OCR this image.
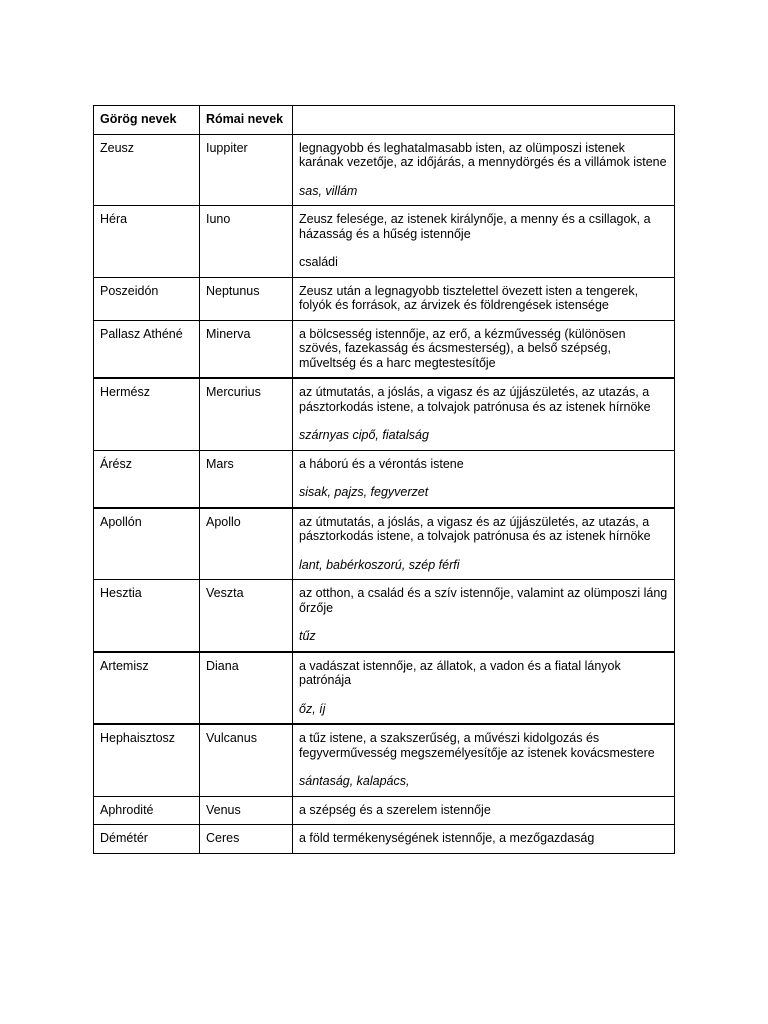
Görög nevek	Római nevek	
Zeusz	Iuppiter	legnagyobb és leghatalmasabb isten, az olümposzi istenek karának vezetője, az időjárás, a mennydörgés és a villámok istene
sas, villám

Héra	Iuno	Zeusz felesége, az istenek királynője, a menny és a csillagok, a házasság és a hűség istennője
családi

Poszeidón	Neptunus	Zeusz után a legnagyobb tisztelettel övezett isten a tengerek, folyók és források, az árvizek és földrengések istensége

Pallasz Athéné	Minerva	a bölcsesség istennője, az erő, a kézművesség (különösen szövés, fazekasság és ácsmesterség), a belső szépség, műveltség és a harc megtestesítője

Hermész	Mercurius	az útmutatás, a jóslás, a vigasz és az újjászületés, az utazás, a pásztorkodás istene, a tolvajok patrónusa és az istenek hírnöke
szárnyas cipő, fiatalság

Árész	Mars	a háború és a vérontás istene
sisak, pajzs, fegyverzet

Apollón	Apollo	az útmutatás, a jóslás, a vigasz és az újjászületés, az utazás, a pásztorkodás istene, a tolvajok patrónusa és az istenek hírnöke
lant, babérkoszorú, szép férfi

Hesztia	Veszta	az otthon, a család és a szív istennője, valamint az olümposzi láng őrzője
tűz

Artemisz	Diana	a vadászat istennője, az állatok, a vadon és a fiatal lányok patrónája
őz, íj

Hephaisztosz	Vulcanus	a tűz istene, a szakszerűség, a művészi kidolgozás és fegyverművesség megszemélyesítője az istenek kovácsmestere
sántaság, kalapács,

Aphrodité	Venus	a szépség és a szerelem istennője

Démétér	Ceres	a föld termékenységének istennője, a mezőgazdaság
